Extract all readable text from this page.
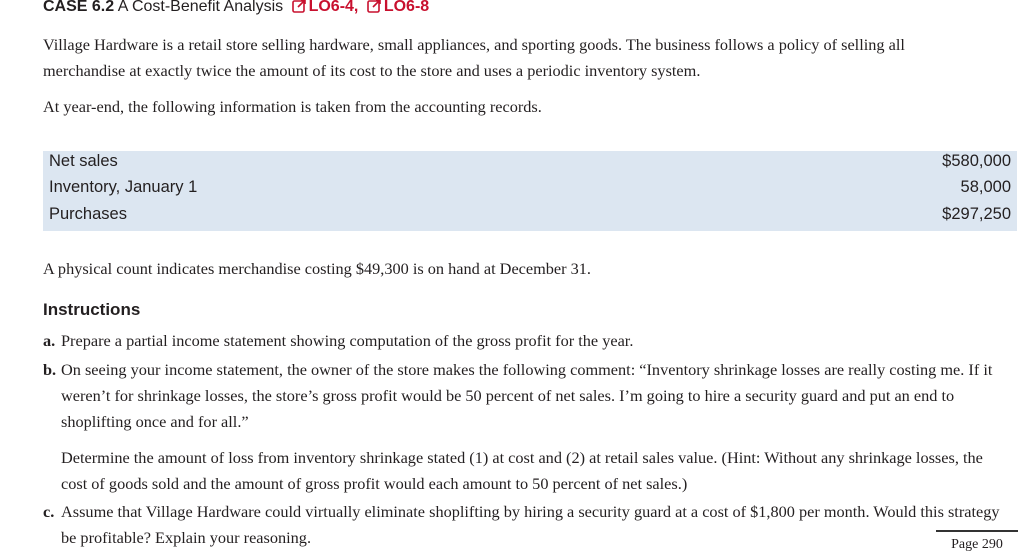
CASE 6.2 A Cost-Benefit Analysis LO6-4, LO6-8
Village Hardware is a retail store selling hardware, small appliances, and sporting goods. The business follows a policy of selling all merchandise at exactly twice the amount of its cost to the store and uses a periodic inventory system.
At year-end, the following information is taken from the accounting records.
Net sales	$580,000
Inventory, January 1	58,000
Purchases	$297,250
A physical count indicates merchandise costing $49,300 is on hand at December 31.
Instructions
a. Prepare a partial income statement showing computation of the gross profit for the year.
b. On seeing your income statement, the owner of the store makes the following comment: “Inventory shrinkage losses are really costing me. If it weren’t for shrinkage losses, the store’s gross profit would be 50 percent of net sales. I’m going to hire a security guard and put an end to shoplifting once and for all.”
Determine the amount of loss from inventory shrinkage stated (1) at cost and (2) at retail sales value. (Hint: Without any shrinkage losses, the cost of goods sold and the amount of gross profit would each amount to 50 percent of net sales.)
c. Assume that Village Hardware could virtually eliminate shoplifting by hiring a security guard at a cost of $1,800 per month. Would this strategy be profitable? Explain your reasoning.	Page 290
